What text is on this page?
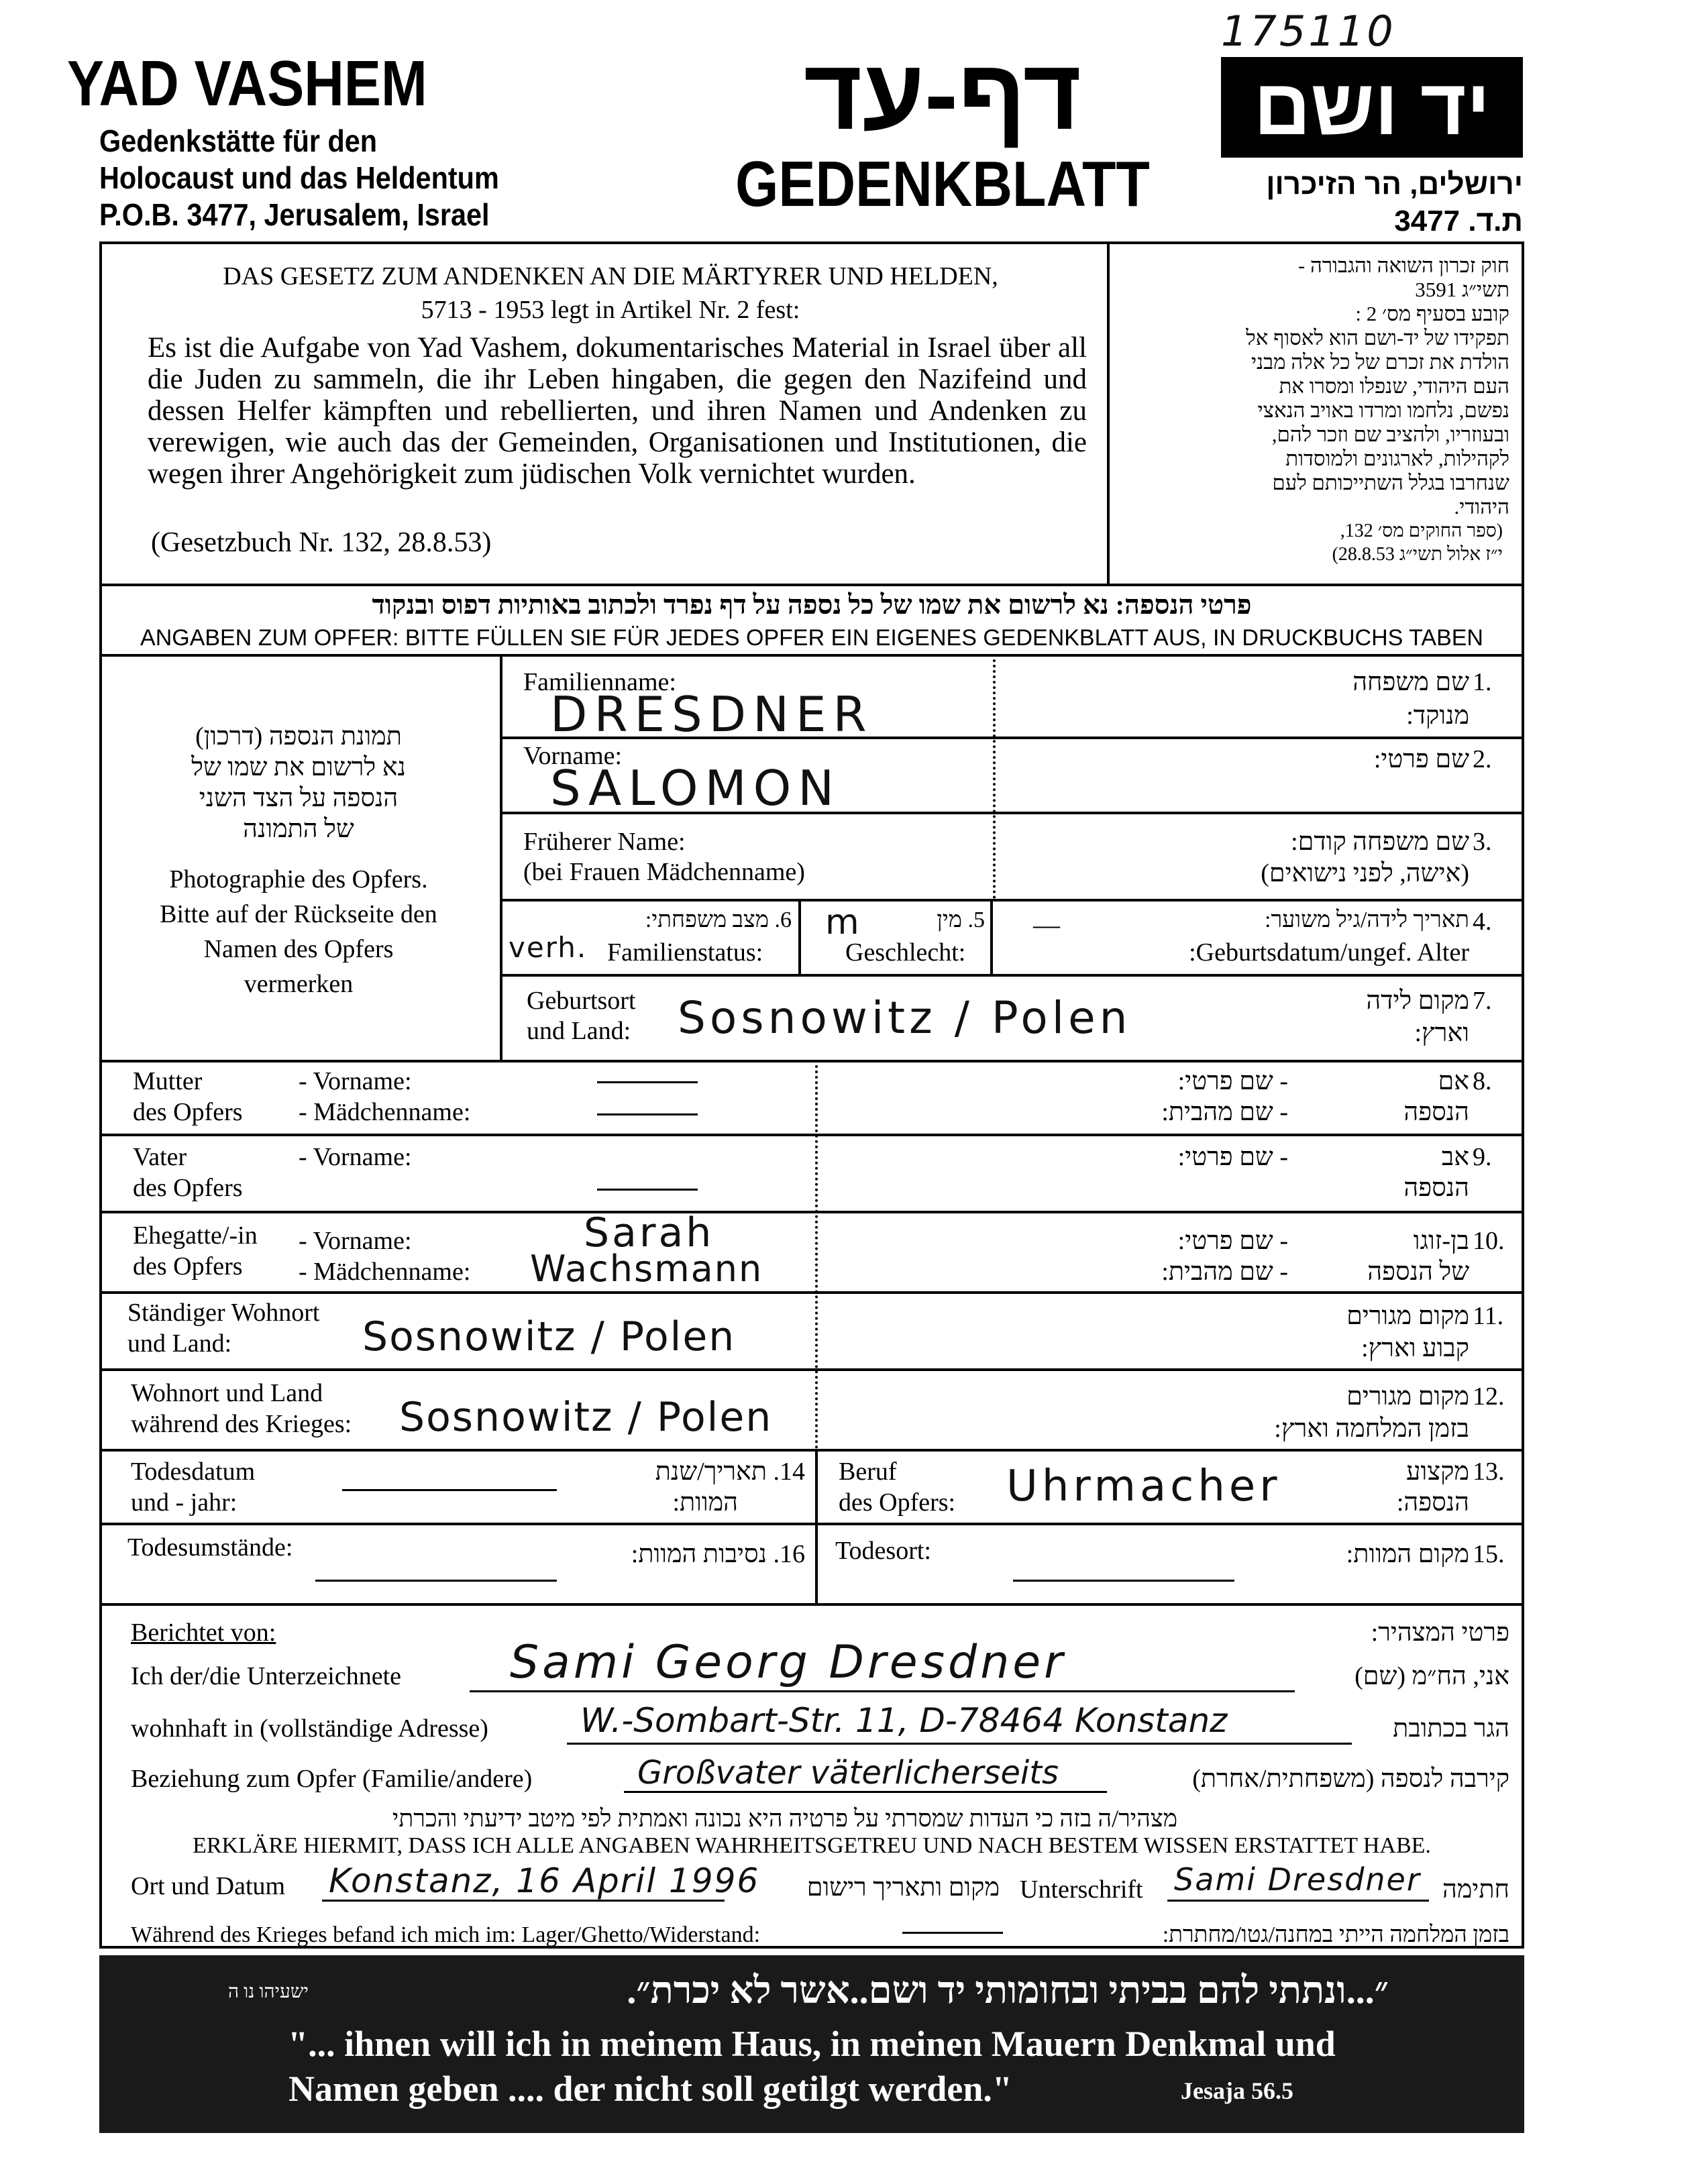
175110
YAD VASHEM
Gedenkstätte für den
Holocaust und das Heldentum
P.O.B. 3477, Jerusalem, Israel
דף-עד
GEDENKBLATT
יד ושם
ירושלים, הר הזיכרון
ת.ד. 3477
DAS GESETZ ZUM ANDENKEN AN DIE MÄRTYRER UND HELDEN,
5713 - 1953 legt in Artikel Nr. 2 fest:
Es ist die Aufgabe von Yad Vashem, dokumentarisches Material in Israel über all die Juden zu sammeln, die ihr Leben hingaben, die gegen den Nazifeind und dessen Helfer kämpften und rebellierten, und ihren Namen und Andenken zu verewigen, wie auch das der Gemeinden, Organisationen und Institutionen, die wegen ihrer Angehörigkeit zum jüdischen Volk vernichtet wurden.
(Gesetzbuch Nr. 132, 28.8.53)
חוק זכרון השואה והגבורה -
תשי״ג 3591
קובע בסעיף מס׳ 2 :
תפקידו של יד-ושם הוא לאסוף אל
הולדת את זכרם של כל אלה מבני
העם היהודי, שנפלו ומסרו את
נפשם, נלחמו ומרדו באויב הנאצי
ובעוזריו, ולהציב שם וזכר להם,
לקהילות, לארגונים ולמוסדות
שנחרבו בגלל השתייכותם לעם
היהודי.
(ספר החוקים מס׳ 132,
י״ז אלול תשי״ג 28.8.53)
פרטי הנספה: נא לרשום את שמו של כל נספה על דף נפרד ולכתוב באותיות דפוס ובנקוד
ANGABEN ZUM OPFER: BITTE FÜLLEN SIE FÜR JEDES OPFER EIN EIGENES GEDENKBLATT AUS, IN DRUCKBUCHS TABEN
תמונת הנספה (דרכון)
נא לרשום את שמו של
הנספה על הצד השני
של התמונה
Photographie des Opfers.
Bitte auf der Rückseite den
Namen des Opfers
vermerken
Familienname:
DRESDNER
שם משפחה 1.
מנוקד:
Vorname:
SALOMON
שם פרטי: 2.
Früherer Name:
(bei Frauen Mädchenname)
שם משפחה קודם: 3.
(אישה, לפני נישואים)
6. מצב משפחתי:
verh. Familienstatus:
m	5. מין
Geschlecht:
—	תאריך לידה/גיל משוער: 4.
Geburtsdatum/ungef. Alter:
Geburtsort
und Land: Sosnowitz / Polen	מקום לידה 7.
וארץ:
Mutter
des Opfers
- Vorname:
- Mädchenname:
- שם פרטי:
- שם מהבית:
אם 8.
הנספה
Vater
des Opfers
- Vorname:	- שם פרטי:	אב 9.
הנספה
Ehegatte/-in
des Opfers
- Vorname:
- Mädchenname:
Sarah
Wachsmann
- שם פרטי:
- שם מהבית:
בן-זוגו 10.
של הנספה
Ständiger Wohnort
und Land:	Sosnowitz / Polen	מקום מגורים 11.
קבוע וארץ:
Wohnort und Land
während des Krieges: Sosnowitz / Polen	מקום מגורים 12.
בזמן המלחמה וארץ:
Todesdatum
und - jahr:
14. תאריך/שנת
המוות:
Beruf
des Opfers: Uhrmacher	מקצוע 13.
הנספה:
Todesumstände:	16. נסיבות המוות: Todesort:	מקום המוות: 15.
Berichtet von:	פרטי המצהיר:
Ich der/die Unterzeichnete Sami Georg Dresdner	אני, הח״מ (שם)
wohnhaft in (vollständige Adresse)	W.-Sombart-Str. 11, D-78464 Konstanz	הגר בכתובת
Beziehung zum Opfer (Familie/andere)	Großvater väterlicherseits	קירבה לנספה (משפחתית/אחרת)
מצהיר/ה בזה כי העדות שמסרתי על פרטיה היא נכונה ואמתית לפי מיטב ידיעתי והכרתי
ERKLÄRE HIERMIT, DASS ICH ALLE ANGABEN WAHRHEITSGETREU UND NACH BESTEM WISSEN ERSTATTET HABE.
Ort und Datum Konstanz, 16 April 1996	מקום ותאריך רישום Unterschrift Sami Dresdner חתימה
Während des Krieges befand ich mich im: Lager/Ghetto/Widerstand:	בזמן המלחמה הייתי במחנה/גטו/מחתרת:
״...ונתתי להם בביתי ובחומותי יד ושם..אשר לא יכרת״.
ישעיהו נו ה
"... ihnen will ich in meinem Haus, in meinen Mauern Denkmal und
Namen geben .... der nicht soll getilgt werden."	Jesaja 56.5
